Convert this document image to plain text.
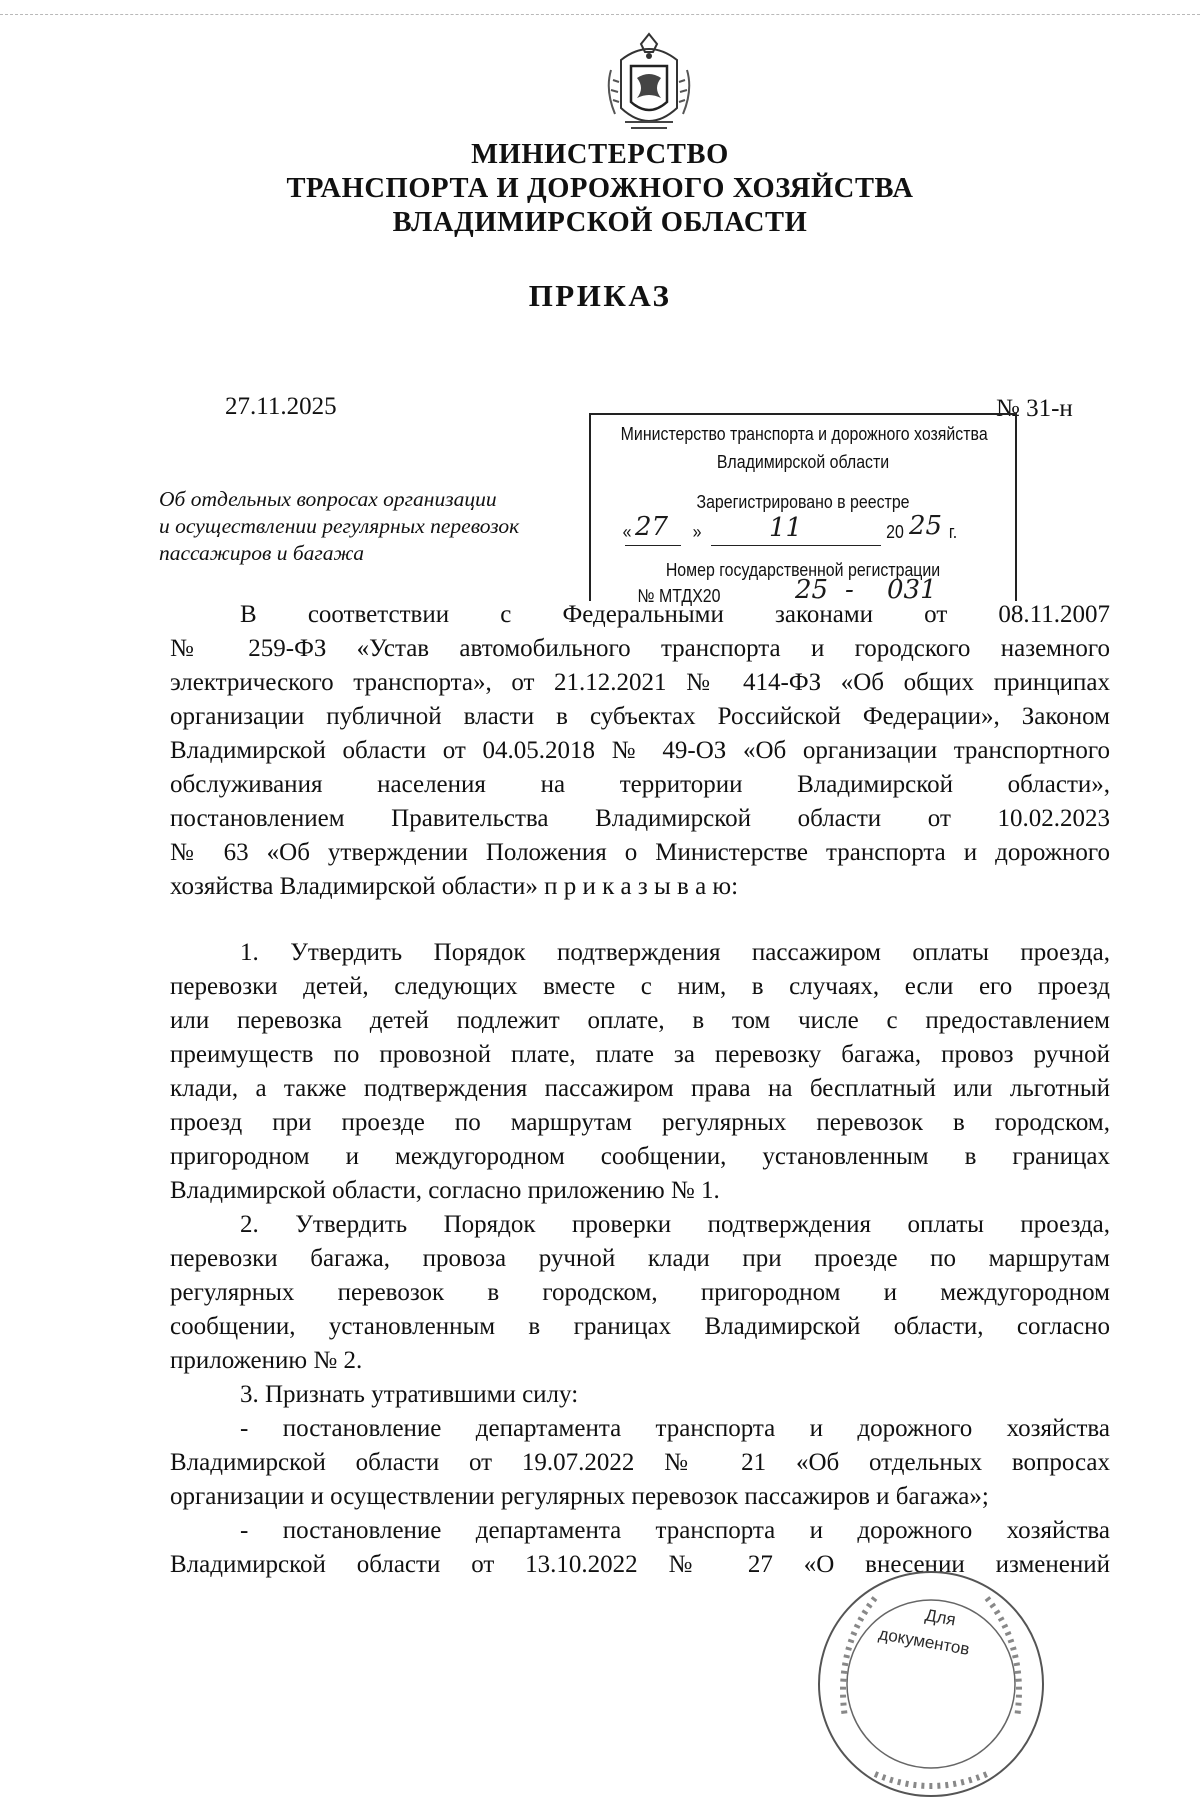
МИНИСТЕРСТВО
ТРАНСПОРТА И ДОРОЖНОГО ХОЗЯЙСТВА
ВЛАДИМИРСКОЙ ОБЛАСТИ
ПРИКАЗ
27.11.2025	№ 31-н
Об отдельных вопросах организации
и осуществлении регулярных перевозок
пассажиров и багажа
Министерство транспорта и дорожного хозяйства
Владимирской области
Зарегистрировано в реестре
« 27	»	11	20 25 г.
Номер государственной регистрации
№ МТДХ20	25 - 031
В соответствии с Федеральными законами от 08.11.2007
№ 259-ФЗ «Устав автомобильного транспорта и городского наземного
электрического транспорта», от 21.12.2021 № 414-ФЗ «Об общих принципах
организации публичной власти в субъектах Российской Федерации», Законом
Владимирской области от 04.05.2018 № 49-ОЗ «Об организации транспортного
обслуживания населения на территории Владимирской области»,
постановлением Правительства Владимирской области от 10.02.2023
№ 63 «Об утверждении Положения о Министерстве транспорта и дорожного
хозяйства Владимирской области» п р и к а з ы в а ю:
1. Утвердить Порядок подтверждения пассажиром оплаты проезда,
перевозки детей, следующих вместе с ним, в случаях, если его проезд
или перевозка детей подлежит оплате, в том числе с предоставлением
преимуществ по провозной плате, плате за перевозку багажа, провоз ручной
клади, а также подтверждения пассажиром права на бесплатный или льготный
проезд при проезде по маршрутам регулярных перевозок в городском,
пригородном и междугородном сообщении, установленным в границах
Владимирской области, согласно приложению № 1.
2. Утвердить Порядок проверки подтверждения оплаты проезда,
перевозки багажа, провоза ручной клади при проезде по маршрутам
регулярных перевозок в городском, пригородном и междугородном
сообщении, установленным в границах Владимирской области, согласно
приложению № 2.
3. Признать утратившими силу:
- постановление департамента транспорта и дорожного хозяйства
Владимирской области от 19.07.2022 № 21 «Об отдельных вопросах
организации и осуществлении регулярных перевозок пассажиров и багажа»;
- постановление департамента транспорта и дорожного хозяйства
Владимирской области от 13.10.2022 № 27 «О внесении изменений
Для
документов
